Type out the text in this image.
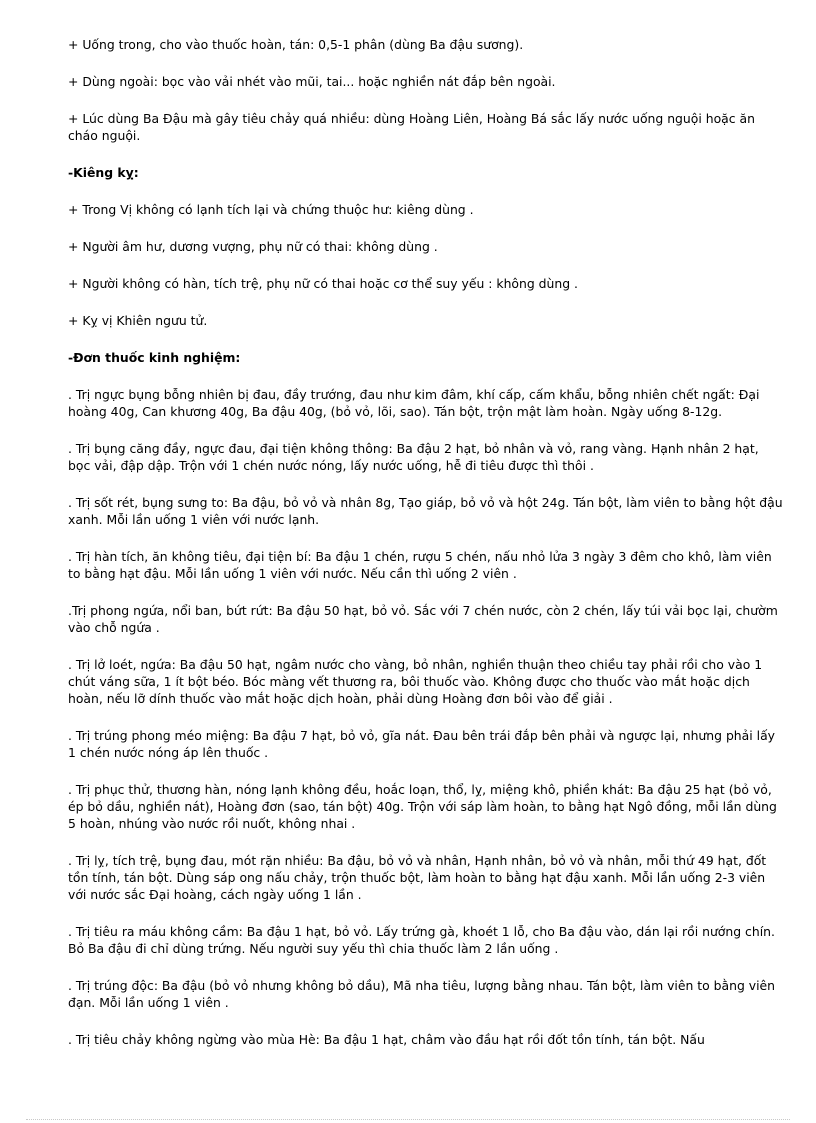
+ Uống trong, cho vào thuốc hoàn, tán: 0,5-1 phân (dùng Ba đậu sương).

+ Dùng ngoài: bọc vào vải nhét vào mũi, tai... hoặc nghiền nát đắp bên ngoài.

+ Lúc dùng Ba Đậu mà gây tiêu chảy quá nhiều: dùng Hoàng Liên, Hoàng Bá sắc lấy nước uống nguội hoặc ăn cháo nguội.

-Kiêng kỵ:

+ Trong Vị không có lạnh tích lại và chứng thuộc hư: kiêng dùng .

+ Người âm hư, dương vượng, phụ nữ có thai: không dùng .

+ Người không có hàn, tích trệ, phụ nữ có thai hoặc cơ thể suy yếu : không dùng .

+ Kỵ vị Khiên ngưu tử.

-Đơn thuốc kinh nghiệm:

. Trị ngực bụng bỗng nhiên bị đau, đầy trướng, đau như kim đâm, khí cấp, cấm khẩu, bỗng nhiên chết ngất: Đại hoàng 40g, Can khương 40g, Ba đậu 40g, (bỏ vỏ, lõi, sao). Tán bột, trộn mật làm hoàn. Ngày uống 8-12g.

. Trị bụng căng đầy, ngực đau, đại tiện không thông: Ba đậu 2 hạt, bỏ nhân và vỏ, rang vàng. Hạnh nhân 2 hạt, bọc vải, đập dập. Trộn với 1 chén nước nóng, lấy nước uống, hễ đi tiêu được thì thôi .

. Trị sốt rét, bụng sưng to: Ba đậu, bỏ vỏ và nhân 8g, Tạo giáp, bỏ vỏ và hột 24g. Tán bột, làm viên to bằng hột đậu xanh. Mỗi lần uống 1 viên với nước lạnh.

. Trị hàn tích, ăn không tiêu, đại tiện bí: Ba đậu 1 chén, rượu 5 chén, nấu nhỏ lửa 3 ngày 3 đêm cho khô, làm viên to bằng hạt đậu. Mỗi lần uống 1 viên với nước. Nếu cần thì uống 2 viên .

.Trị phong ngứa, nổi ban, bứt rứt: Ba đậu 50 hạt, bỏ vỏ. Sắc với 7 chén nước, còn 2 chén, lấy túi vải bọc lại, chườm vào chỗ ngứa .

. Trị lở loét, ngứa: Ba đậu 50 hạt, ngâm nước cho vàng, bỏ nhân, nghiền thuận theo chiều tay phải rồi cho vào 1 chút váng sữa, 1 ít bột béo. Bóc màng vết thương ra, bôi thuốc vào. Không được cho thuốc vào mắt hoặc dịch hoàn, nếu lỡ dính thuốc vào mắt hoặc dịch hoàn, phải dùng Hoàng đơn bôi vào để giải .

. Trị trúng phong méo miệng: Ba đậu 7 hạt, bỏ vỏ, gĩa nát. Đau bên trái đắp bên phải và ngược lại, nhưng phải lấy 1 chén nước nóng áp lên thuốc .

. Trị phục thử, thương hàn, nóng lạnh không đều, hoắc loạn, thổ, lỵ, miệng khô, phiền khát: Ba đậu 25 hạt (bỏ vỏ, ép bỏ dầu, nghiền nát), Hoàng đơn (sao, tán bột) 40g. Trộn với sáp làm hoàn, to bằng hạt Ngô đồng, mỗi lần dùng 5 hoàn, nhúng vào nước rồi nuốt, không nhai .

. Trị lỵ, tích trệ, bụng đau, mót rặn nhiều: Ba đậu, bỏ vỏ và nhân, Hạnh nhân, bỏ vỏ và nhân, mỗi thứ 49 hạt, đốt tồn tính, tán bột. Dùng sáp ong nấu chảy, trộn thuốc bột, làm hoàn to bằng hạt đậu xanh. Mỗi lần uống 2-3 viên với nước sắc Đại hoàng, cách ngày uống 1 lần .

. Trị tiêu ra máu không cầm: Ba đậu 1 hạt, bỏ vỏ. Lấy trứng gà, khoét 1 lỗ, cho Ba đậu vào, dán lại rồi nướng chín. Bỏ Ba đậu đi chỉ dùng trứng. Nếu người suy yếu thì chia thuốc làm 2 lần uống .

. Trị trúng độc: Ba đậu (bỏ vỏ nhưng không bỏ dầu), Mã nha tiêu, lượng bằng nhau. Tán bột, làm viên to bằng viên đạn. Mỗi lần uống 1 viên .

. Trị tiêu chảy không ngừng vào mùa Hè: Ba đậu 1 hạt, châm vào đầu hạt rồi đốt tồn tính, tán bột. Nấu
